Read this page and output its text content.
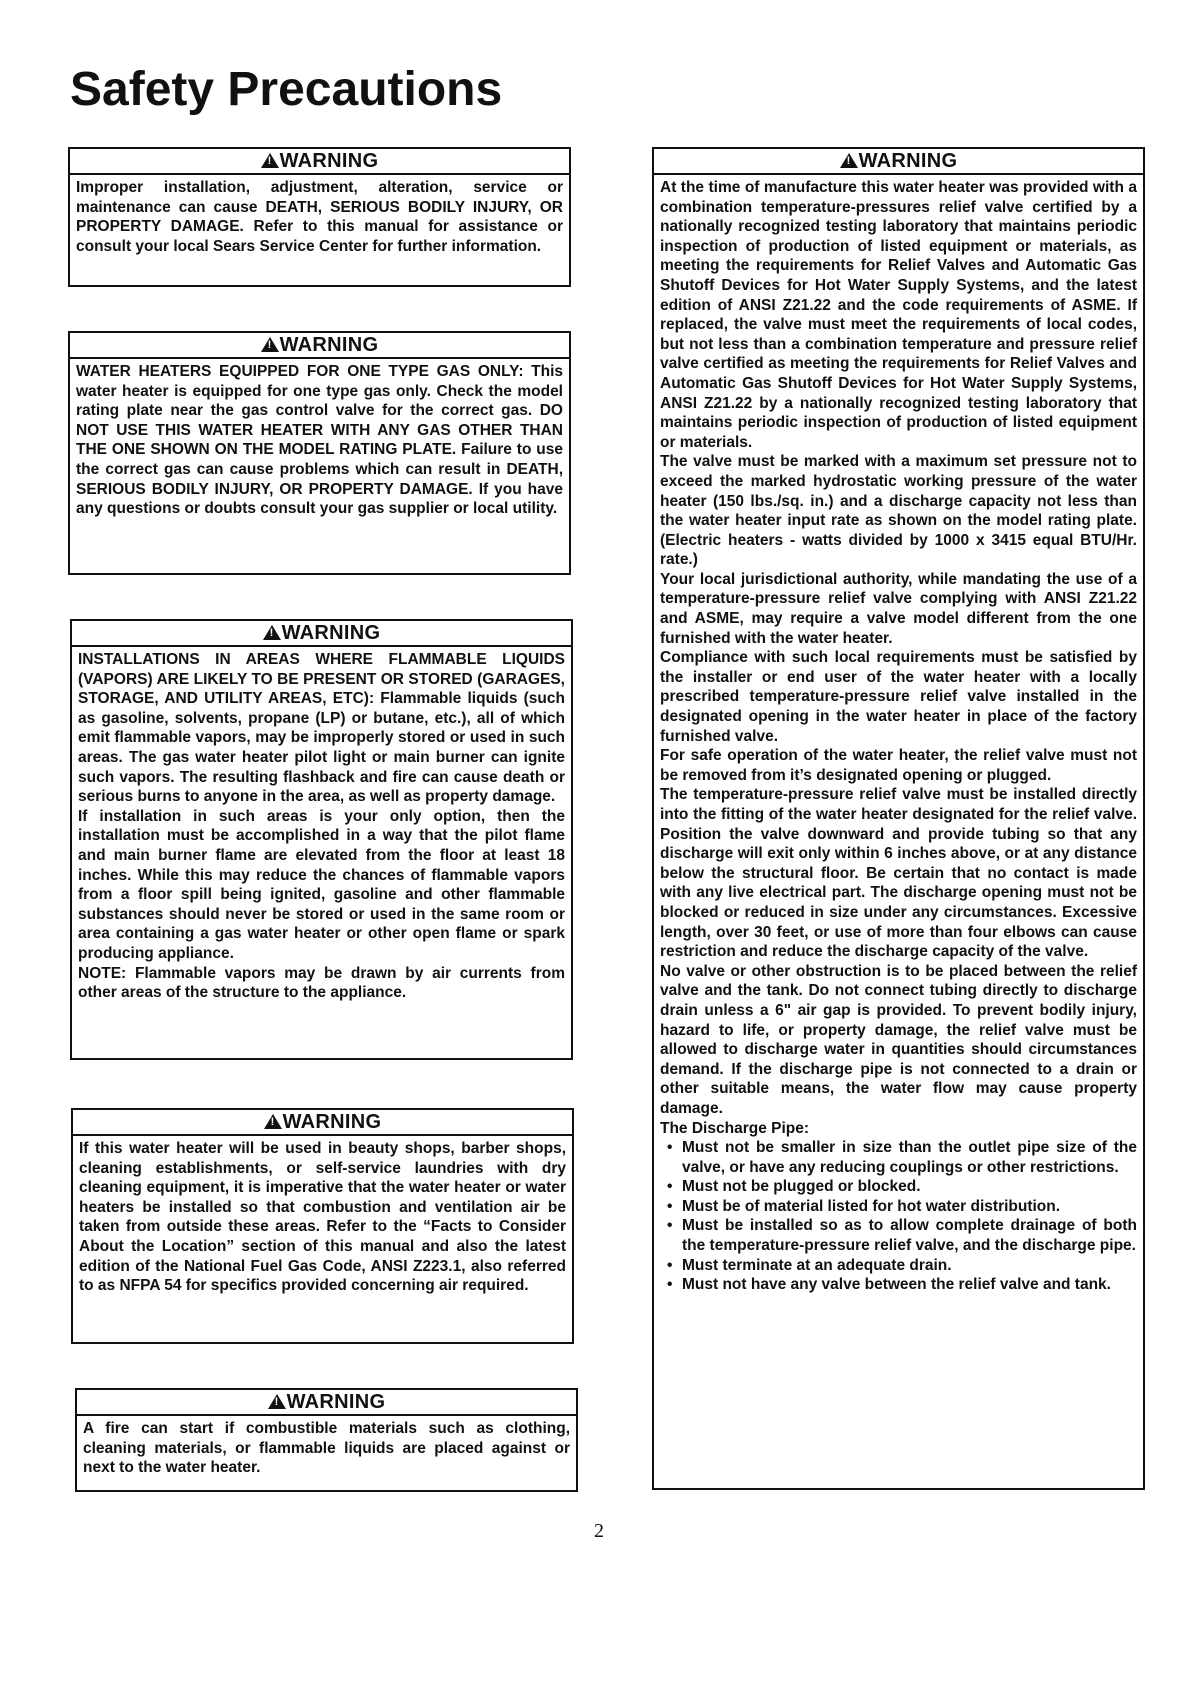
Safety Precautions
!WARNING

Improper installation, adjustment, alteration, service or maintenance can cause DEATH, SERIOUS BODILY INJURY, OR PROPERTY DAMAGE. Refer to this manual for assistance or consult your local Sears Service Center for further information.

!WARNING

WATER HEATERS EQUIPPED FOR ONE TYPE GAS ONLY: This water heater is equipped for one type gas only. Check the model rating plate near the gas control valve for the correct gas. DO NOT USE THIS WATER HEATER WITH ANY GAS OTHER THAN THE ONE SHOWN ON THE MODEL RATING PLATE. Failure to use the correct gas can cause problems which can result in DEATH, SERIOUS BODILY INJURY, OR PROPERTY DAMAGE. If you have any questions or doubts consult your gas supplier or local utility.

!WARNING

INSTALLATIONS IN AREAS WHERE FLAMMABLE LIQUIDS (VAPORS) ARE LIKELY TO BE PRESENT OR STORED (GARAGES, STORAGE, AND UTILITY AREAS, ETC): Flammable liquids (such as gasoline, solvents, propane (LP) or butane, etc.), all of which emit flammable vapors, may be improperly stored or used in such areas. The gas water heater pilot light or main burner can ignite such vapors. The resulting flashback and fire can cause death or serious burns to anyone in the area, as well as property damage.

If installation in such areas is your only option, then the installation must be accomplished in a way that the pilot flame and main burner flame are elevated from the floor at least 18 inches. While this may reduce the chances of flammable vapors from a floor spill being ignited, gasoline and other flammable substances should never be stored or used in the same room or area containing a gas water heater or other open flame or spark producing appliance.

NOTE: Flammable vapors may be drawn by air currents from other areas of the structure to the appliance.

!WARNING

If this water heater will be used in beauty shops, barber shops, cleaning establishments, or self-service laundries with dry cleaning equipment, it is imperative that the water heater or water heaters be installed so that combustion and ventilation air be taken from outside these areas. Refer to the “Facts to Consider About the Location” section of this manual and also the latest edition of the National Fuel Gas Code, ANSI Z223.1, also referred to as NFPA 54 for specifics provided concerning air required.

!WARNING

A fire can start if combustible materials such as clothing, cleaning materials, or flammable liquids are placed against or next to the water heater.

!WARNING

At the time of manufacture this water heater was provided with a combination temperature-pressures relief valve certified by a nationally recognized testing laboratory that maintains periodic inspection of production of listed equipment or materials, as meeting the requirements for Relief Valves and Automatic Gas Shutoff Devices for Hot Water Supply Systems, and the latest edition of ANSI Z21.22 and the code requirements of ASME. If replaced, the valve must meet the requirements of local codes, but not less than a combination temperature and pressure relief valve certified as meeting the requirements for Relief Valves and Automatic Gas Shutoff Devices for Hot Water Supply Systems, ANSI Z21.22 by a nationally recognized testing laboratory that maintains periodic inspection of production of listed equipment or materials.

The valve must be marked with a maximum set pressure not to exceed the marked hydrostatic working pressure of the water heater (150 lbs./sq. in.) and a discharge capacity not less than the water heater input rate as shown on the model rating plate. (Electric heaters - watts divided by 1000 x 3415 equal BTU/Hr. rate.)

Your local jurisdictional authority, while mandating the use of a temperature-pressure relief valve complying with ANSI Z21.22 and ASME, may require a valve model different from the one furnished with the water heater.

Compliance with such local requirements must be satisfied by the installer or end user of the water heater with a locally prescribed temperature-pressure relief valve installed in the designated opening in the water heater in place of the factory furnished valve.

For safe operation of the water heater, the relief valve must not be removed from it’s designated opening or plugged.

The temperature-pressure relief valve must be installed directly into the fitting of the water heater designated for the relief valve. Position the valve downward and provide tubing so that any discharge will exit only within 6 inches above, or at any distance below the structural floor. Be certain that no contact is made with any live electrical part. The discharge opening must not be blocked or reduced in size under any circumstances. Excessive length, over 30 feet, or use of more than four elbows can cause restriction and reduce the discharge capacity of the valve.

No valve or other obstruction is to be placed between the relief valve and the tank. Do not connect tubing directly to discharge drain unless a 6" air gap is provided. To prevent bodily injury, hazard to life, or property damage, the relief valve must be allowed to discharge water in quantities should circumstances demand. If the discharge pipe is not connected to a drain or other suitable means, the water flow may cause property damage.

The Discharge Pipe:

• Must not be smaller in size than the outlet pipe size of the valve, or have any reducing couplings or other restrictions.
• Must not be plugged or blocked.
• Must be of material listed for hot water distribution.
• Must be installed so as to allow complete drainage of both the temperature-pressure relief valve, and the discharge pipe.
• Must terminate at an adequate drain.
• Must not have any valve between the relief valve and tank.
2
